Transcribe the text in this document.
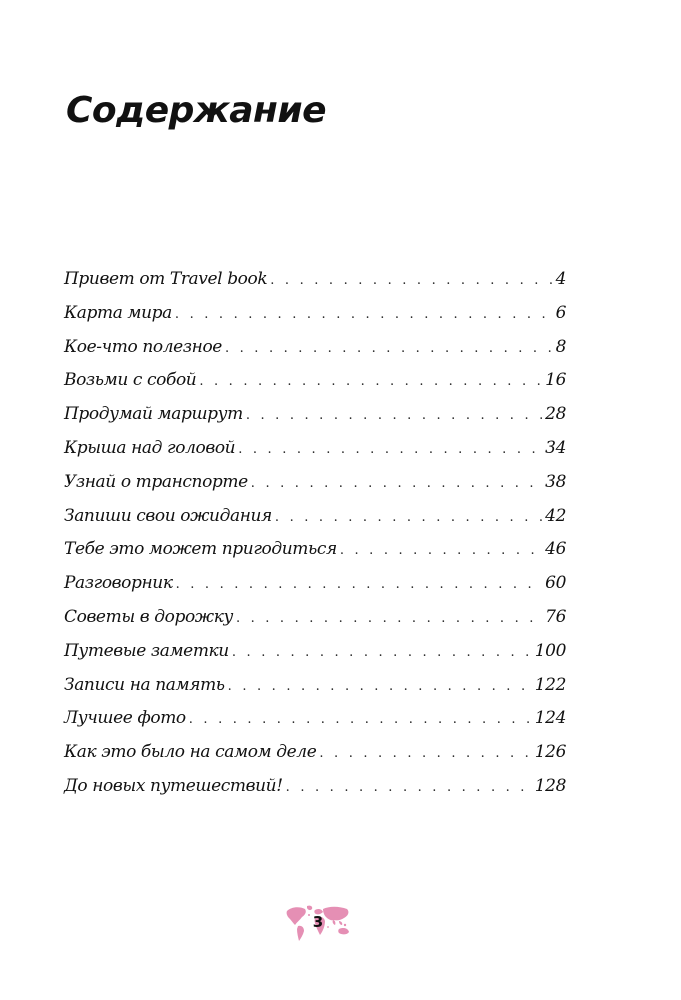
Содержание
Привет от Travel book . . .	4
Карта мира . . .	6
Кое-что полезное . . .	8
Возьми с собой . . .	16
Продумай маршрут . . .	28
Крыша над головой . . .	34
Узнай о транспорте . . .	38
Запиши свои ожидания . . .	42
Тебе это может пригодиться . . .	46
Разговорник . . .	60
Советы в дорожку . . .	76
Путевые заметки . . .	100
Записи на память . . .	122
Лучшее фото . . .	124
Как это было на самом деле . . .	126
До новых путешествий! . . .	128
3
